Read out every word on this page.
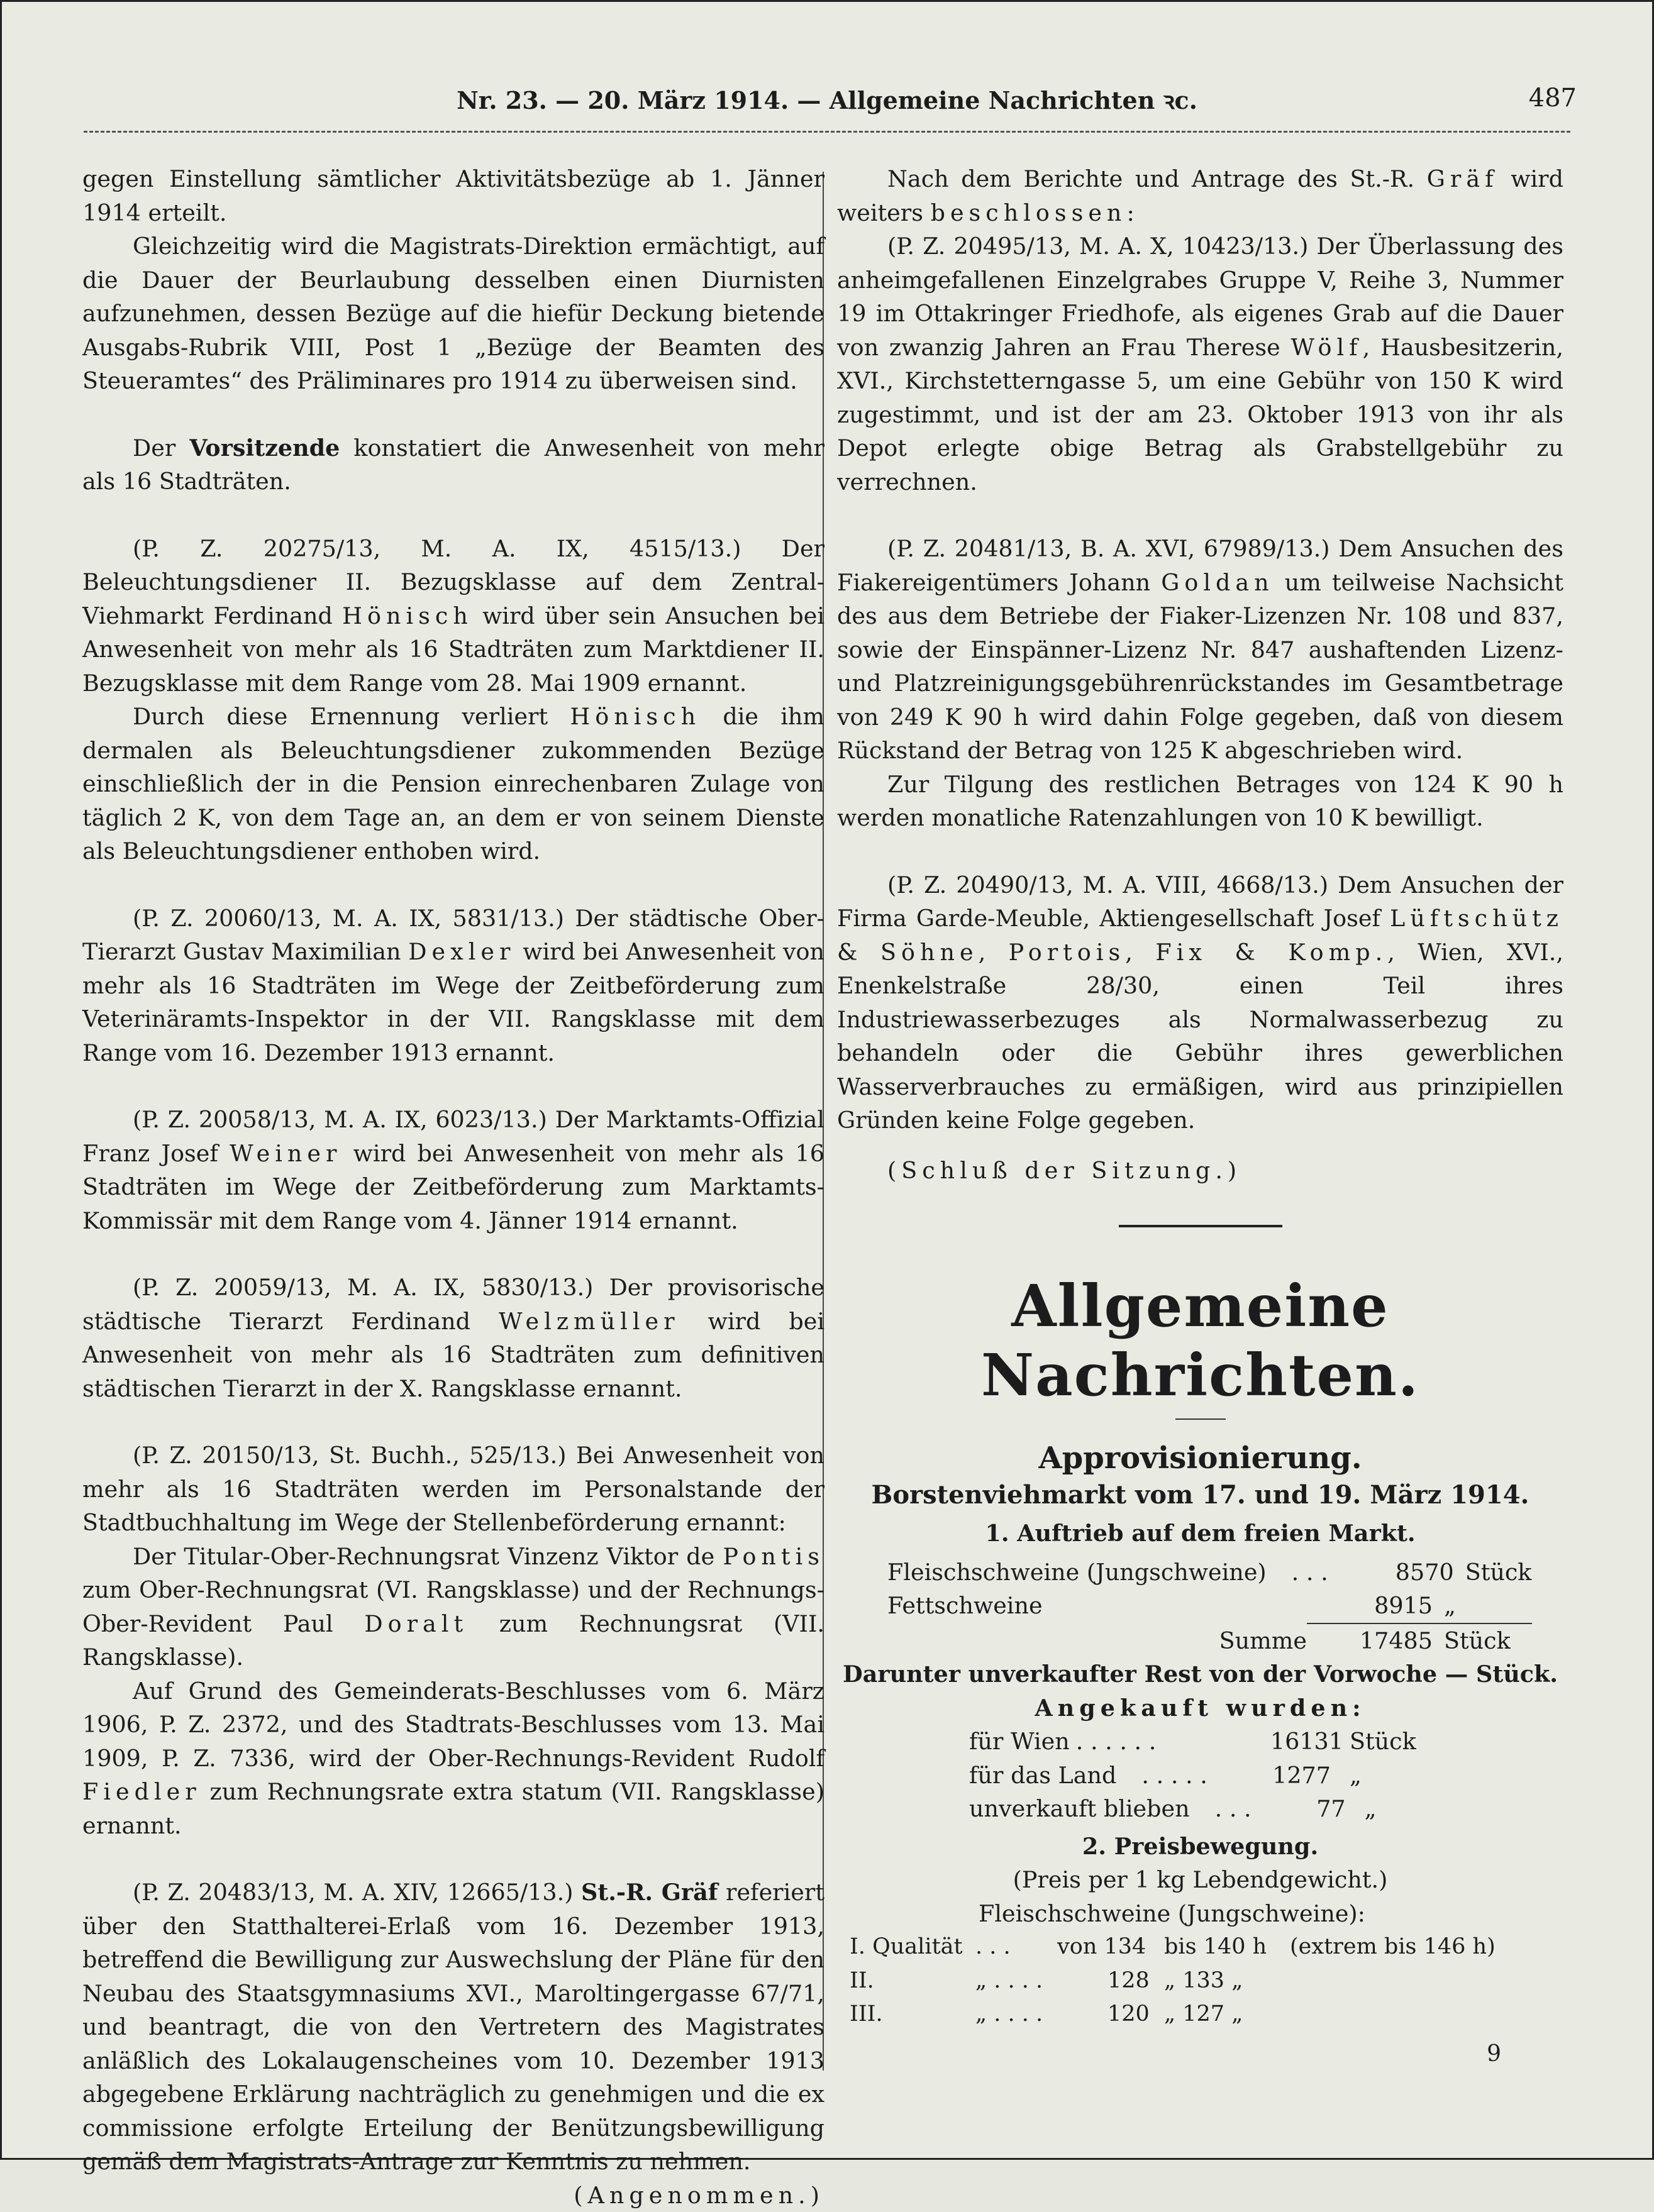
Nr. 23. — 20. März 1914. — Allgemeine Nachrichten ꝛc.	487

gegen Einstellung sämtlicher Aktivitätsbezüge ab 1. Jänner 1914 erteilt.

Gleichzeitig wird die Magistrats-Direktion ermächtigt, auf die Dauer der Beurlaubung desselben einen Diurnisten aufzunehmen, dessen Bezüge auf die hiefür Deckung bietende Ausgabs-Rubrik VIII, Post 1 „Bezüge der Beamten des Steueramtes“ des Präliminares pro 1914 zu überweisen sind.

Der Vorsitzende konstatiert die Anwesenheit von mehr als 16 Stadträten.

(P. Z. 20275/13, M. A. IX, 4515/13.) Der Beleuchtungsdiener II. Bezugsklasse auf dem Zentral-Viehmarkt Ferdinand Hönisch wird über sein Ansuchen bei Anwesenheit von mehr als 16 Stadträten zum Marktdiener II. Bezugsklasse mit dem Range vom 28. Mai 1909 ernannt.

Durch diese Ernennung verliert Hönisch die ihm dermalen als Beleuchtungsdiener zukommenden Bezüge einschließlich der in die Pension einrechenbaren Zulage von täglich 2 K, von dem Tage an, an dem er von seinem Dienste als Beleuchtungsdiener enthoben wird.

(P. Z. 20060/13, M. A. IX, 5831/13.) Der städtische Ober-Tierarzt Gustav Maximilian Dexler wird bei Anwesenheit von mehr als 16 Stadträten im Wege der Zeitbeförderung zum Veterinäramts-Inspektor in der VII. Rangsklasse mit dem Range vom 16. Dezember 1913 ernannt.

(P. Z. 20058/13, M. A. IX, 6023/13.) Der Marktamts-Offizial Franz Josef Weiner wird bei Anwesenheit von mehr als 16 Stadträten im Wege der Zeitbeförderung zum Marktamts-Kommissär mit dem Range vom 4. Jänner 1914 ernannt.

(P. Z. 20059/13, M. A. IX, 5830/13.) Der provisorische städtische Tierarzt Ferdinand Welzmüller wird bei Anwesenheit von mehr als 16 Stadträten zum definitiven städtischen Tierarzt in der X. Rangsklasse ernannt.

(P. Z. 20150/13, St. Buchh., 525/13.) Bei Anwesenheit von mehr als 16 Stadträten werden im Personalstande der Stadtbuchhaltung im Wege der Stellenbeförderung ernannt:

Der Titular-Ober-Rechnungsrat Vinzenz Viktor de Pontis zum Ober-Rechnungsrat (VI. Rangsklasse) und der Rechnungs-Ober-Revident Paul Doralt zum Rechnungsrat (VII. Rangsklasse).

Auf Grund des Gemeinderats-Beschlusses vom 6. März 1906, P. Z. 2372, und des Stadtrats-Beschlusses vom 13. Mai 1909, P. Z. 7336, wird der Ober-Rechnungs-Revident Rudolf Fiedler zum Rechnungsrate extra statum (VII. Rangsklasse) ernannt.

(P. Z. 20483/13, M. A. XIV, 12665/13.) St.-R. Gräf referiert über den Statthalterei-Erlaß vom 16. Dezember 1913, betreffend die Bewilligung zur Auswechslung der Pläne für den Neubau des Staatsgymnasiums XVI., Maroltingergasse 67/71, und beantragt, die von den Vertretern des Magistrates anläßlich des Lokalaugenscheines vom 10. Dezember 1913 abgegebene Erklärung nachträglich zu genehmigen und die ex commissione erfolgte Erteilung der Benützungsbewilligung gemäß dem Magistrats-Antrage zur Kenntnis zu nehmen.
(Angenommen.)

Nach dem Berichte und Antrage des St.-R. Gräf wird weiters beschlossen:

(P. Z. 20495/13, M. A. X, 10423/13.) Der Überlassung des anheimgefallenen Einzelgrabes Gruppe V, Reihe 3, Nummer 19 im Ottakringer Friedhofe, als eigenes Grab auf die Dauer von zwanzig Jahren an Frau Therese Wölf, Hausbesitzerin, XVI., Kirchstetterngasse 5, um eine Gebühr von 150 K wird zugestimmt, und ist der am 23. Oktober 1913 von ihr als Depot erlegte obige Betrag als Grabstellgebühr zu verrechnen.

(P. Z. 20481/13, B. A. XVI, 67989/13.) Dem Ansuchen des Fiakereigentümers Johann Goldan um teilweise Nachsicht des aus dem Betriebe der Fiaker-Lizenzen Nr. 108 und 837, sowie der Einspänner-Lizenz Nr. 847 aushaftenden Lizenz- und Platzreinigungsgebührenrückstandes im Gesamtbetrage von 249 K 90 h wird dahin Folge gegeben, daß von diesem Rückstand der Betrag von 125 K abgeschrieben wird.

Zur Tilgung des restlichen Betrages von 124 K 90 h werden monatliche Ratenzahlungen von 10 K bewilligt.

(P. Z. 20490/13, M. A. VIII, 4668/13.) Dem Ansuchen der Firma Garde-Meuble, Aktiengesellschaft Josef Lüftschütz & Söhne, Portois, Fix & Komp., Wien, XVI., Enenkelstraße 28/30, einen Teil ihres Industriewasserbezuges als Normalwasserbezug zu behandeln oder die Gebühr ihres gewerblichen Wasserverbrauches zu ermäßigen, wird aus prinzipiellen Gründen keine Folge gegeben.

(Schluß der Sitzung.)

Allgemeine Nachrichten.
Approvisionierung.
Borstenviehmarkt vom 17. und 19. März 1914.
1. Auftrieb auf dem freien Markt.
Fleischschweine (Jungschweine)	. . .	8570 Stück
Fettschweine	8915 „
Summe	17485 Stück
Darunter unverkaufter Rest von der Vorwoche — Stück.
Angekauft wurden:
für Wien . . . . . .	16131 Stück
für das Land	. . . . .	1277 „
unverkauft blieben	. . .	77 „
2. Preisbewegung.
(Preis per 1 kg Lebendgewicht.)
Fleischschweine (Jungschweine):
I. Qualität . . .	von 134 bis 140 h	(extrem bis 146 h)
II.	„ . . . .	128 „ 133 „
III.	„ . . . .	120 „ 127 „
9
